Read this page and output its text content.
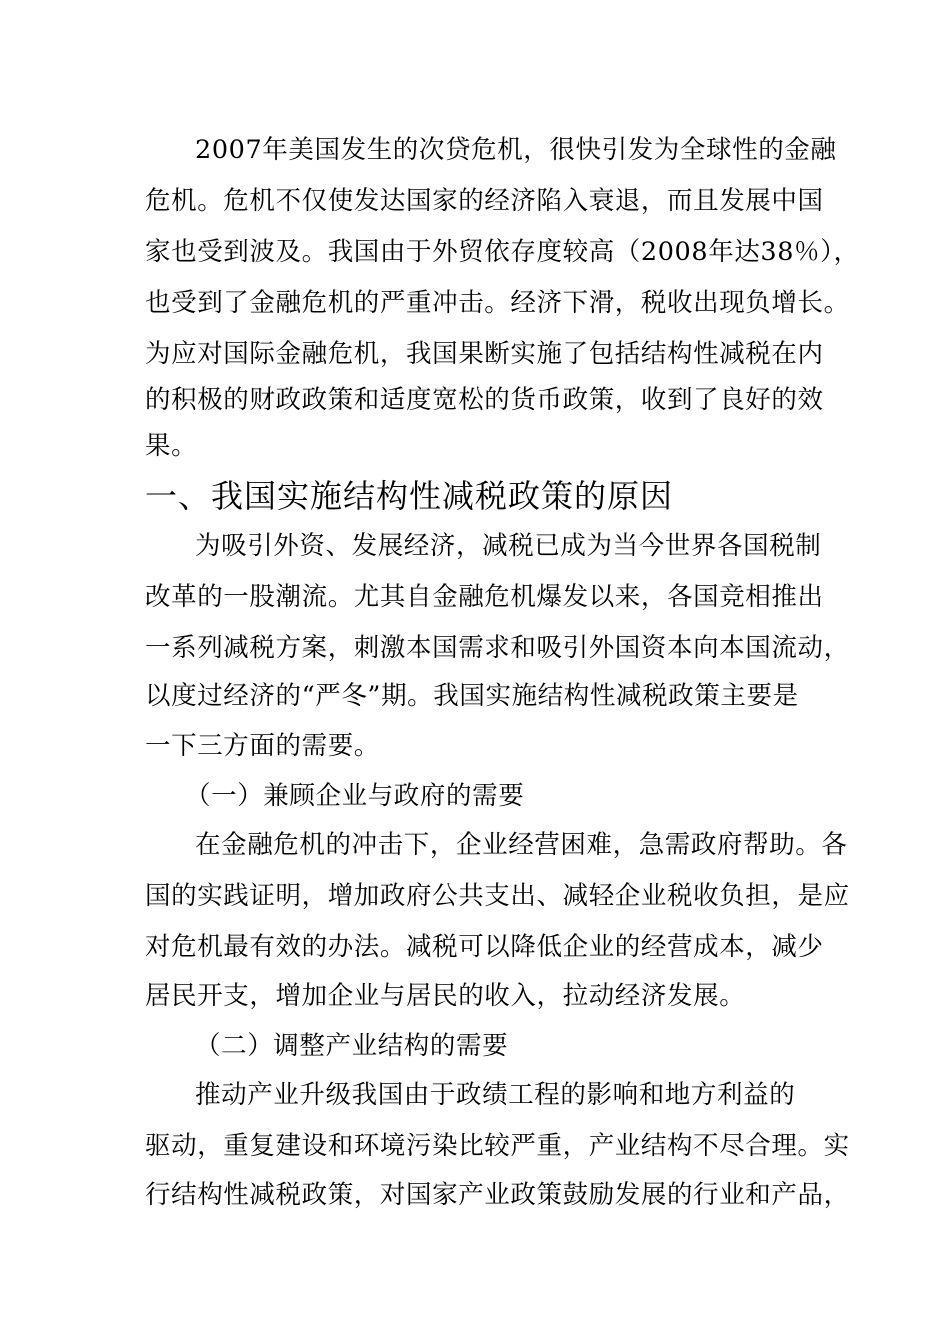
2007年美国发生的次贷危机，很快引发为全球性的金融
危机。危机不仅使发达国家的经济陷入衰退，而且发展中国
家也受到波及。我国由于外贸依存度较高（2008年达38％），
也受到了金融危机的严重冲击。经济下滑，税收出现负增长。
为应对国际金融危机，我国果断实施了包括结构性减税在内
的积极的财政政策和适度宽松的货币政策，收到了良好的效
果。
一、我国实施结构性减税政策的原因
为吸引外资、发展经济，减税已成为当今世界各国税制
改革的一股潮流。尤其自金融危机爆发以来，各国竞相推出
一系列减税方案，刺激本国需求和吸引外国资本向本国流动，
以度过经济的“严冬”期。我国实施结构性减税政策主要是
一下三方面的需要。
（一）兼顾企业与政府的需要
在金融危机的冲击下，企业经营困难，急需政府帮助。各
国的实践证明，增加政府公共支出、减轻企业税收负担，是应
对危机最有效的办法。减税可以降低企业的经营成本，减少
居民开支，增加企业与居民的收入，拉动经济发展。
（二）调整产业结构的需要
推动产业升级我国由于政绩工程的影响和地方利益的
驱动，重复建设和环境污染比较严重，产业结构不尽合理。实
行结构性减税政策，对国家产业政策鼓励发展的行业和产品，
